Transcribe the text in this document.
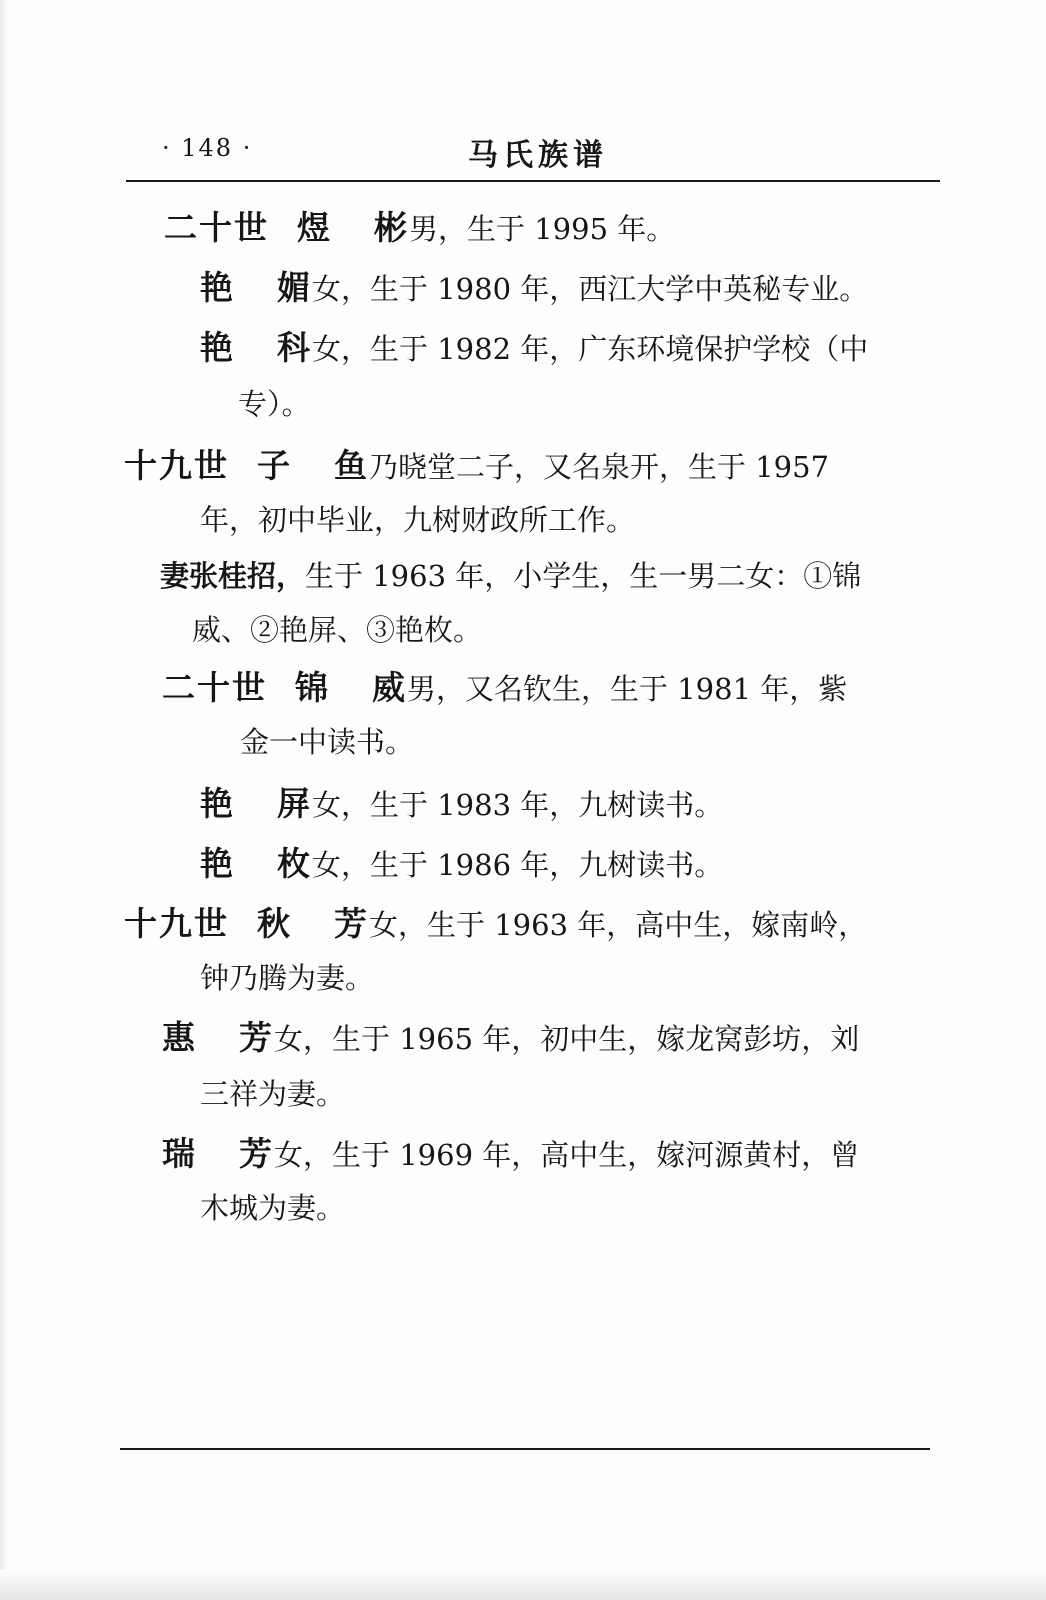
· 148 ·	马氏族谱
二十世 煜 彬男，生于 1995 年。
艳 媚女，生于 1980 年，西江大学中英秘专业。
艳 科 女，生于 1982 年，广东环境保护学校（中
专）。
十九世 子 鱼乃晓堂二子，又名泉开，生于 1957
年，初中毕业，九树财政所工作。
妻张桂招，生于 1963 年，小学生，生一男二女：①锦
威、②艳屏、③艳枚。
二十世 锦 威男，又名钦生，生于 1981 年，紫
金一中读书。
艳 屏女，生于 1983 年，九树读书。
艳 枚女，生于 1986 年，九树读书。
十九世 秋 芳女，生于 1963 年，高中生，嫁南岭，
钟乃腾为妻。
惠 芳女，生于 1965 年，初中生，嫁龙窝彭坊，刘
三祥为妻。
瑞 芳女，生于 1969 年，高中生，嫁河源黄村，曾
木城为妻。
